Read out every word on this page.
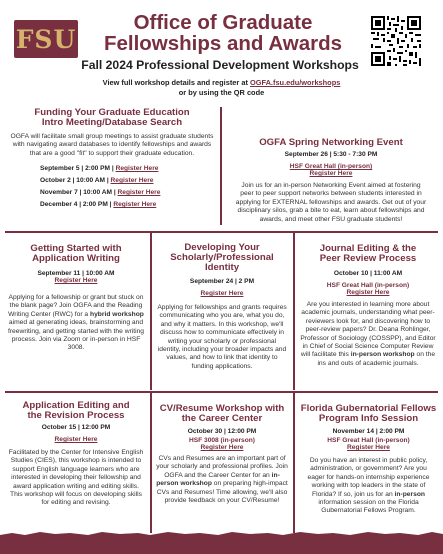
FSU
Office of Graduate
Fellowships and Awards
Fall 2024 Professional Development Workshops
View full workshop details and register at OGFA.fsu.edu/workshops
or by using the QR code
Funding Your Graduate Education
Intro Meeting/Database Search
OGFA will facilitate small group meetings to assist graduate students with navigating award databases to identify fellowships and awards that are a good "fit" to support their graduate education.
September 5 | 2:00 PM | Register Here
October 2 | 10:00 AM | Register Here
November 7 | 10:00 AM | Register Here
December 4 | 2:00 PM | Register Here
OGFA Spring Networking Event
September 26 | 5:30 - 7:30 PM
HSF Great Hall (in-person)
Register Here
Join us for an in-person Networking Event aimed at fostering peer to peer support networks between students interested in applying for EXTERNAL fellowships and awards. Get out of your disciplinary silos, grab a bite to eat, learn about fellowships and awards, and meet other FSU graduate students!
Getting Started with
Application Writing
September 11 | 10:00 AM
Register Here
Applying for a fellowship or grant but stuck on the blank page? Join OGFA and the Reading Writing Center (RWC) for a hybrid workshop aimed at generating ideas, brainstorming and freewriting, and getting started with the writing process. Join via Zoom or in-person in HSF 3008.
Developing Your
Scholarly/Professional
Identity
September 24 | 2 PM
Register Here
Applying for fellowships and grants requires communicating who you are, what you do, and why it matters. In this workshop, we'll discuss how to communicate effectively in writing your scholarly or professional identity, including your broader impacts and values, and how to link that identity to funding applications.
Journal Editing & the
Peer Review Process
October 10 | 11:00 AM
HSF Great Hall (in-person)
Register Here
Are you interested in learning more about academic journals, understanding what peer-reviewers look for, and discovering how to peer-review papers? Dr. Deana Rohlinger, Professor of Sociology (COSSPP), and Editor in Chief of Social Science Computer Review will facilitate this in-person workshop on the ins and outs of academic journals.
Application Editing and
the Revision Process
October 15 | 12:00 PM
Register Here
Facilitated by the Center for Intensive English Studies (CIES), this workshop is intended to support English language learners who are interested in developing their fellowship and award application writing and editing skills. This workshop will focus on developing skills for editing and revising.
CV/Resume Workshop with
the Career Center
October 30 | 12:00 PM
HSF 3008 (in-person)
Register Here
CVs and Resumes are an important part of your scholarly and professional profiles. Join OGFA and the Career Center for an in-person workshop on preparing high-impact CVs and Resumes! Time allowing, we'll also provide feedback on your CV/Resume!
Florida Gubernatorial Fellows
Program Info Session
November 14 | 2:00 PM
HSF Great Hall (in-person)
Register Here
Do you have an interest in public policy, administration, or government? Are you eager for hands-on internship experience working with top leaders in the state of Florida? If so, join us for an in-person information session on the Florida Gubernatorial Fellows Program.
